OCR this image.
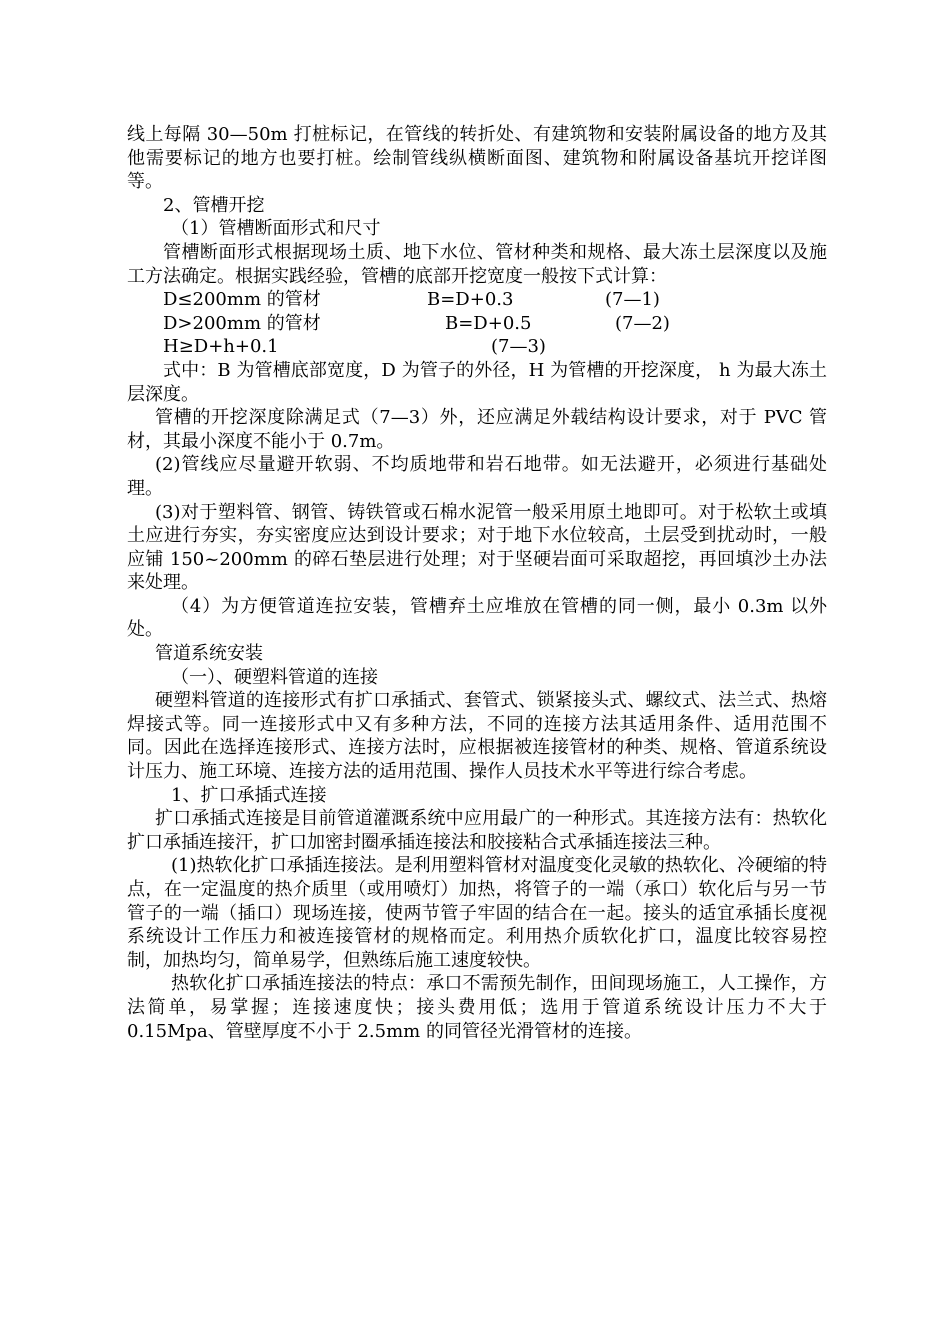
线上每隔 30—50m 打桩标记，在管线的转折处、有建筑物和安装附属设备的地方及其他需要标记的地方也要打桩。绘制管线纵横断面图、建筑物和附属设备基坑开挖详图等。

2、管槽开挖

（1）管槽断面形式和尺寸

管槽断面形式根据现场土质、地下水位、管材种类和规格、最大冻土层深度以及施工方法确定。根据实践经验，管槽的底部开挖宽度一般按下式计算：

D≤200mm 的管材	B=D+0.3	(7—1)
D>200mm 的管材	B=D+0.5	(7—2)
H≥D+h+0.1	(7—3)

式中：B 为管槽底部宽度，D 为管子的外径，H 为管槽的开挖深度， h 为最大冻土层深度。

管槽的开挖深度除满足式（7—3）外，还应满足外载结构设计要求，对于 PVC 管材，其最小深度不能小于 0.7m。

(2)管线应尽量避开软弱、不均质地带和岩石地带。如无法避开，必须进行基础处理。

(3)对于塑料管、钢管、铸铁管或石棉水泥管一般采用原土地即可。对于松软土或填土应进行夯实，夯实密度应达到设计要求；对于地下水位较高，土层受到扰动时，一般应铺 150~200mm 的碎石垫层进行处理；对于坚硬岩面可采取超挖，再回填沙土办法来处理。

（4）为方便管道连拉安装，管槽弃土应堆放在管槽的同一侧，最小 0.3m 以外处。

管道系统安装

（一）、硬塑料管道的连接

硬塑料管道的连接形式有扩口承插式、套管式、锁紧接头式、螺纹式、法兰式、热熔焊接式等。同一连接形式中又有多种方法，不同的连接方法其适用条件、适用范围不同。因此在选择连接形式、连接方法时，应根据被连接管材的种类、规格、管道系统设计压力、施工环境、连接方法的适用范围、操作人员技术水平等进行综合考虑。

1、扩口承插式连接

扩口承插式连接是目前管道灌溉系统中应用最广的一种形式。其连接方法有：热软化扩口承插连接汗，扩口加密封圈承插连接法和胶接粘合式承插连接法三种。

(1)热软化扩口承插连接法。是利用塑料管材对温度变化灵敏的热软化、冷硬缩的特点，在一定温度的热介质里（或用喷灯）加热，将管子的一端（承口）软化后与另一节管子的一端（插口）现场连接，使两节管子牢固的结合在一起。接头的适宜承插长度视系统设计工作压力和被连接管材的规格而定。利用热介质软化扩口，温度比较容易控制，加热均匀，简单易学，但熟练后施工速度较快。

热软化扩口承插连接法的特点：承口不需预先制作，田间现场施工，人工操作，方法简单，易掌握；连接速度快；接头费用低；选用于管道系统设计压力不大于 0.15Mpa、管壁厚度不小于 2.5mm 的同管径光滑管材的连接。
